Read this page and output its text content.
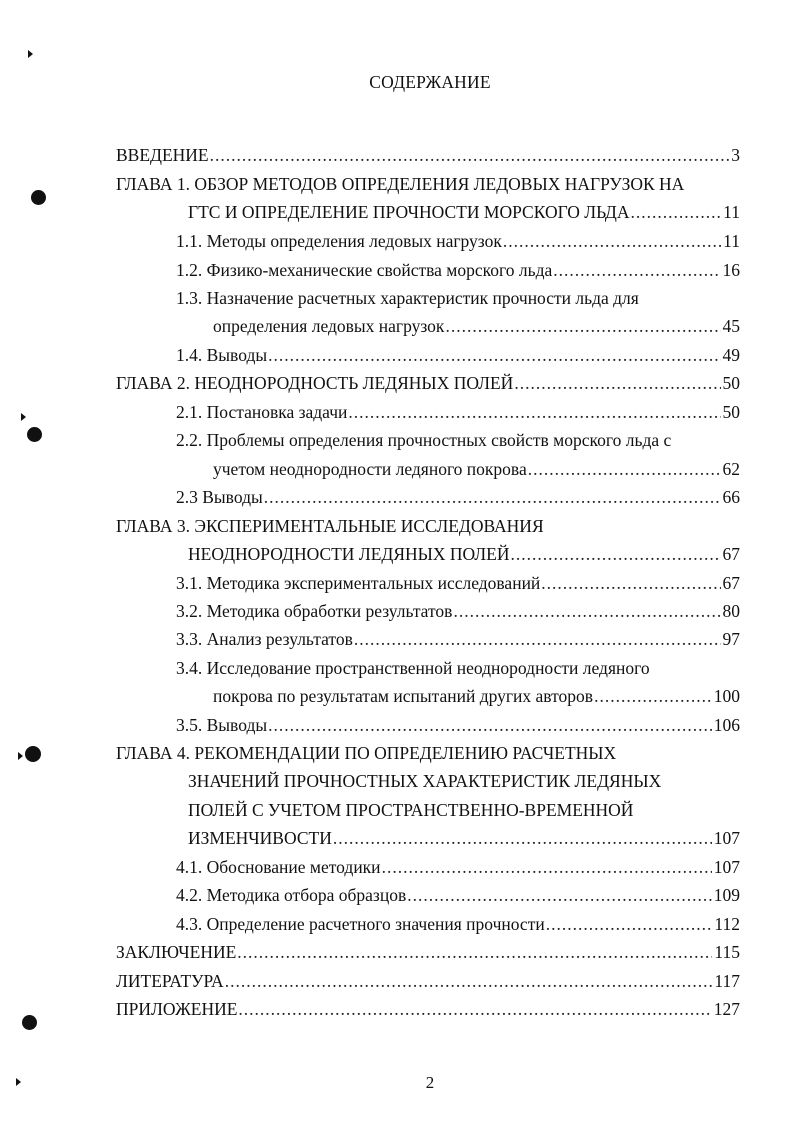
СОДЕРЖАНИЕ
ВВЕДЕНИЕ .....	3
ГЛАВА 1. ОБЗОР МЕТОДОВ ОПРЕДЕЛЕНИЯ ЛЕДОВЫХ НАГРУЗОК НА
ГТС И ОПРЕДЕЛЕНИЕ ПРОЧНОСТИ МОРСКОГО ЛЬДА .....	11
1.1. Методы определения ледовых нагрузок .....	11
1.2. Физико-механические свойства морского льда .....	16
1.3. Назначение расчетных характеристик прочности льда для
определения ледовых нагрузок .....	45
1.4. Выводы .....	49
ГЛАВА 2. НЕОДНОРОДНОСТЬ ЛЕДЯНЫХ ПОЛЕЙ .....	50
2.1. Постановка задачи .....	50
2.2. Проблемы определения прочностных свойств морского льда с
учетом неоднородности ледяного покрова .....	62
2.3 Выводы .....	66
ГЛАВА 3. ЭКСПЕРИМЕНТАЛЬНЫЕ ИССЛЕДОВАНИЯ
НЕОДНОРОДНОСТИ ЛЕДЯНЫХ ПОЛЕЙ .....	67
3.1. Методика экспериментальных исследований .....	67
3.2. Методика обработки результатов .....	80
3.3. Анализ результатов .....	97
3.4. Исследование пространственной неоднородности ледяного
покрова по результатам испытаний других авторов .....	100
3.5. Выводы .....	106
ГЛАВА 4. РЕКОМЕНДАЦИИ ПО ОПРЕДЕЛЕНИЮ РАСЧЕТНЫХ
ЗНАЧЕНИЙ ПРОЧНОСТНЫХ ХАРАКТЕРИСТИК ЛЕДЯНЫХ
ПОЛЕЙ С УЧЕТОМ ПРОСТРАНСТВЕННО-ВРЕМЕННОЙ
ИЗМЕНЧИВОСТИ .....	107
4.1. Обоснование методики .....	107
4.2. Методика отбора образцов .....	109
4.3. Определение расчетного значения прочности .....	112
ЗАКЛЮЧЕНИЕ .....	115
ЛИТЕРАТУРА .....	117
ПРИЛОЖЕНИЕ .....	127
2
